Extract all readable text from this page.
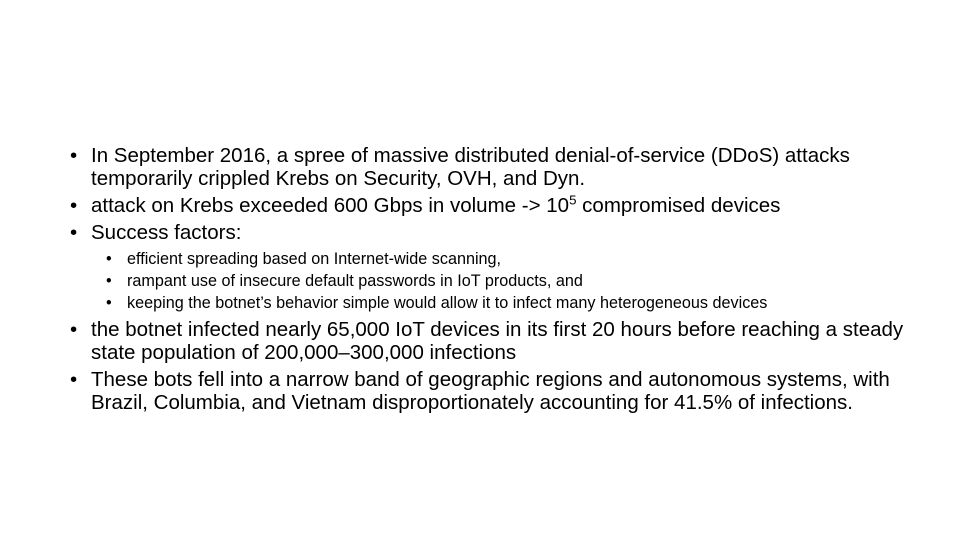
• In September 2016, a spree of massive distributed denial-of-service (DDoS) attacks temporarily crippled Krebs on Security, OVH, and Dyn.
• attack on Krebs exceeded 600 Gbps in volume -> $10^5$ compromised devices
• Success factors:
• efficient spreading based on Internet-wide scanning,
• rampant use of insecure default passwords in IoT products, and
• keeping the botnet’s behavior simple would allow it to infect many heterogeneous devices
• the botnet infected nearly 65,000 IoT devices in its first 20 hours before reaching a steady state population of 200,000–300,000 infections
• These bots fell into a narrow band of geographic regions and autonomous systems, with Brazil, Columbia, and Vietnam disproportionately accounting for 41.5% of infections.
